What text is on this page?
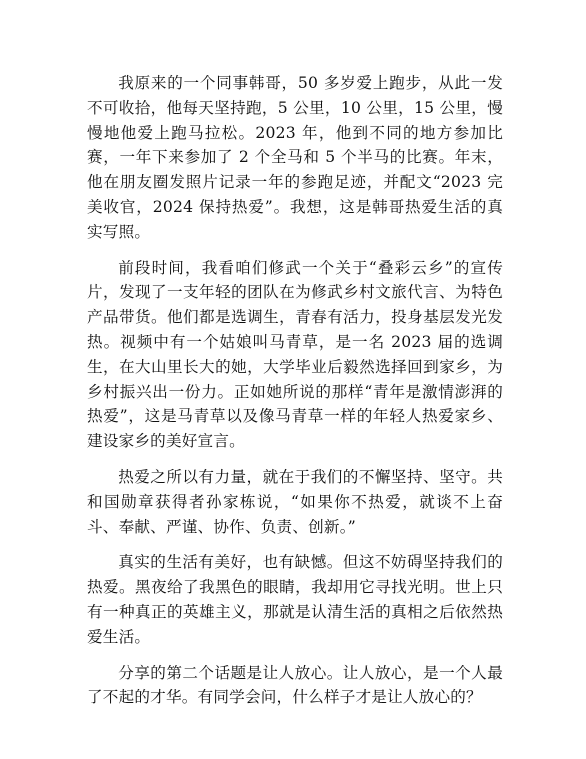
我原来的一个同事韩哥，50 多岁爱上跑步，从此一发不可收拾，他每天坚持跑，5 公里，10 公里，15 公里，慢慢地他爱上跑马拉松。2023 年，他到不同的地方参加比赛，一年下来参加了 2 个全马和 5 个半马的比赛。年末，他在朋友圈发照片记录一年的参跑足迹，并配文“2023 完美收官，2024 保持热爱”。我想，这是韩哥热爱生活的真实写照。

前段时间，我看咱们修武一个关于“叠彩云乡”的宣传片，发现了一支年轻的团队在为修武乡村文旅代言、为特色产品带货。他们都是选调生，青春有活力，投身基层发光发热。视频中有一个姑娘叫马青草，是一名 2023 届的选调生，在大山里长大的她，大学毕业后毅然选择回到家乡，为乡村振兴出一份力。正如她所说的那样“青年是激情澎湃的热爱”，这是马青草以及像马青草一样的年轻人热爱家乡、建设家乡的美好宣言。

热爱之所以有力量，就在于我们的不懈坚持、坚守。共和国勋章获得者孙家栋说，“如果你不热爱，就谈不上奋斗、奉献、严谨、协作、负责、创新。”

真实的生活有美好，也有缺憾。但这不妨碍坚持我们的热爱。黑夜给了我黑色的眼睛，我却用它寻找光明。世上只有一种真正的英雄主义，那就是认清生活的真相之后依然热爱生活。

分享的第二个话题是让人放心。让人放心，是一个人最了不起的才华。有同学会问，什么样子才是让人放心的？
